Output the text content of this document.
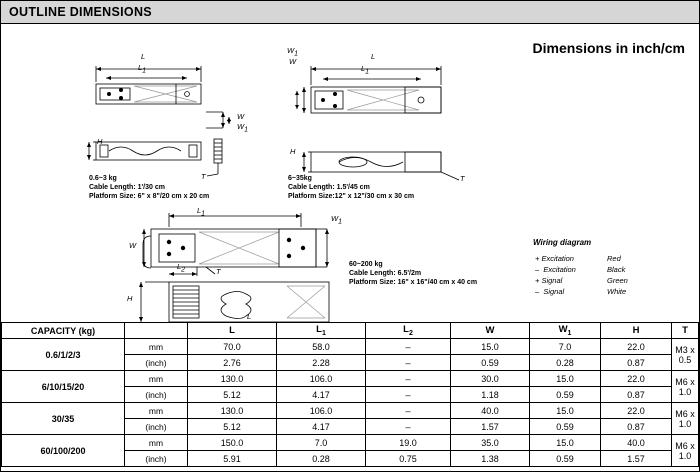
OUTLINE DIMENSIONS
Dimensions in inch/cm
L
L1
W
W1
H
T
0.6~3 kg
Cable Length: 1'/30 cm
Platform Size: 6" x 8"/20 cm x 20 cm
L
L1
W1
W
H
T
6~35kg
Cable Length: 1.5'/45 cm
Platform Size:12" x 12"/30 cm x 30 cm
L1
W
L2	T
W1
H
L
60~200 kg
Cable Length: 6.5'/2m
Platform Size: 16" x 16"/40 cm x 40 cm
Wiring diagram
+ Excitation	Red
–  Excitation	Black
+ Signal	Green
–  Signal	White
CAPACITY (kg)		L	$L_1$	$L_2$	W	$W_1$	H	T
0.6/1/2/3	mm	70.0	58.0	–	15.0	7.0	22.0	M3 x 0.5
	(inch)	2.76	2.28	–	0.59	0.28	0.87	
6/10/15/20	mm	130.0	106.0	–	30.0	15.0	22.0	M6 x 1.0
	(inch)	5.12	4.17	–	1.18	0.59	0.87	
30/35	mm	130.0	106.0	–	40.0	15.0	22.0	M6 x 1.0
	(inch)	5.12	4.17	–	1.57	0.59	0.87	
60/100/200	mm	150.0	7.0	19.0	35.0	15.0	40.0	M6 x 1.0
	(inch)	5.91	0.28	0.75	1.38	0.59	1.57	
